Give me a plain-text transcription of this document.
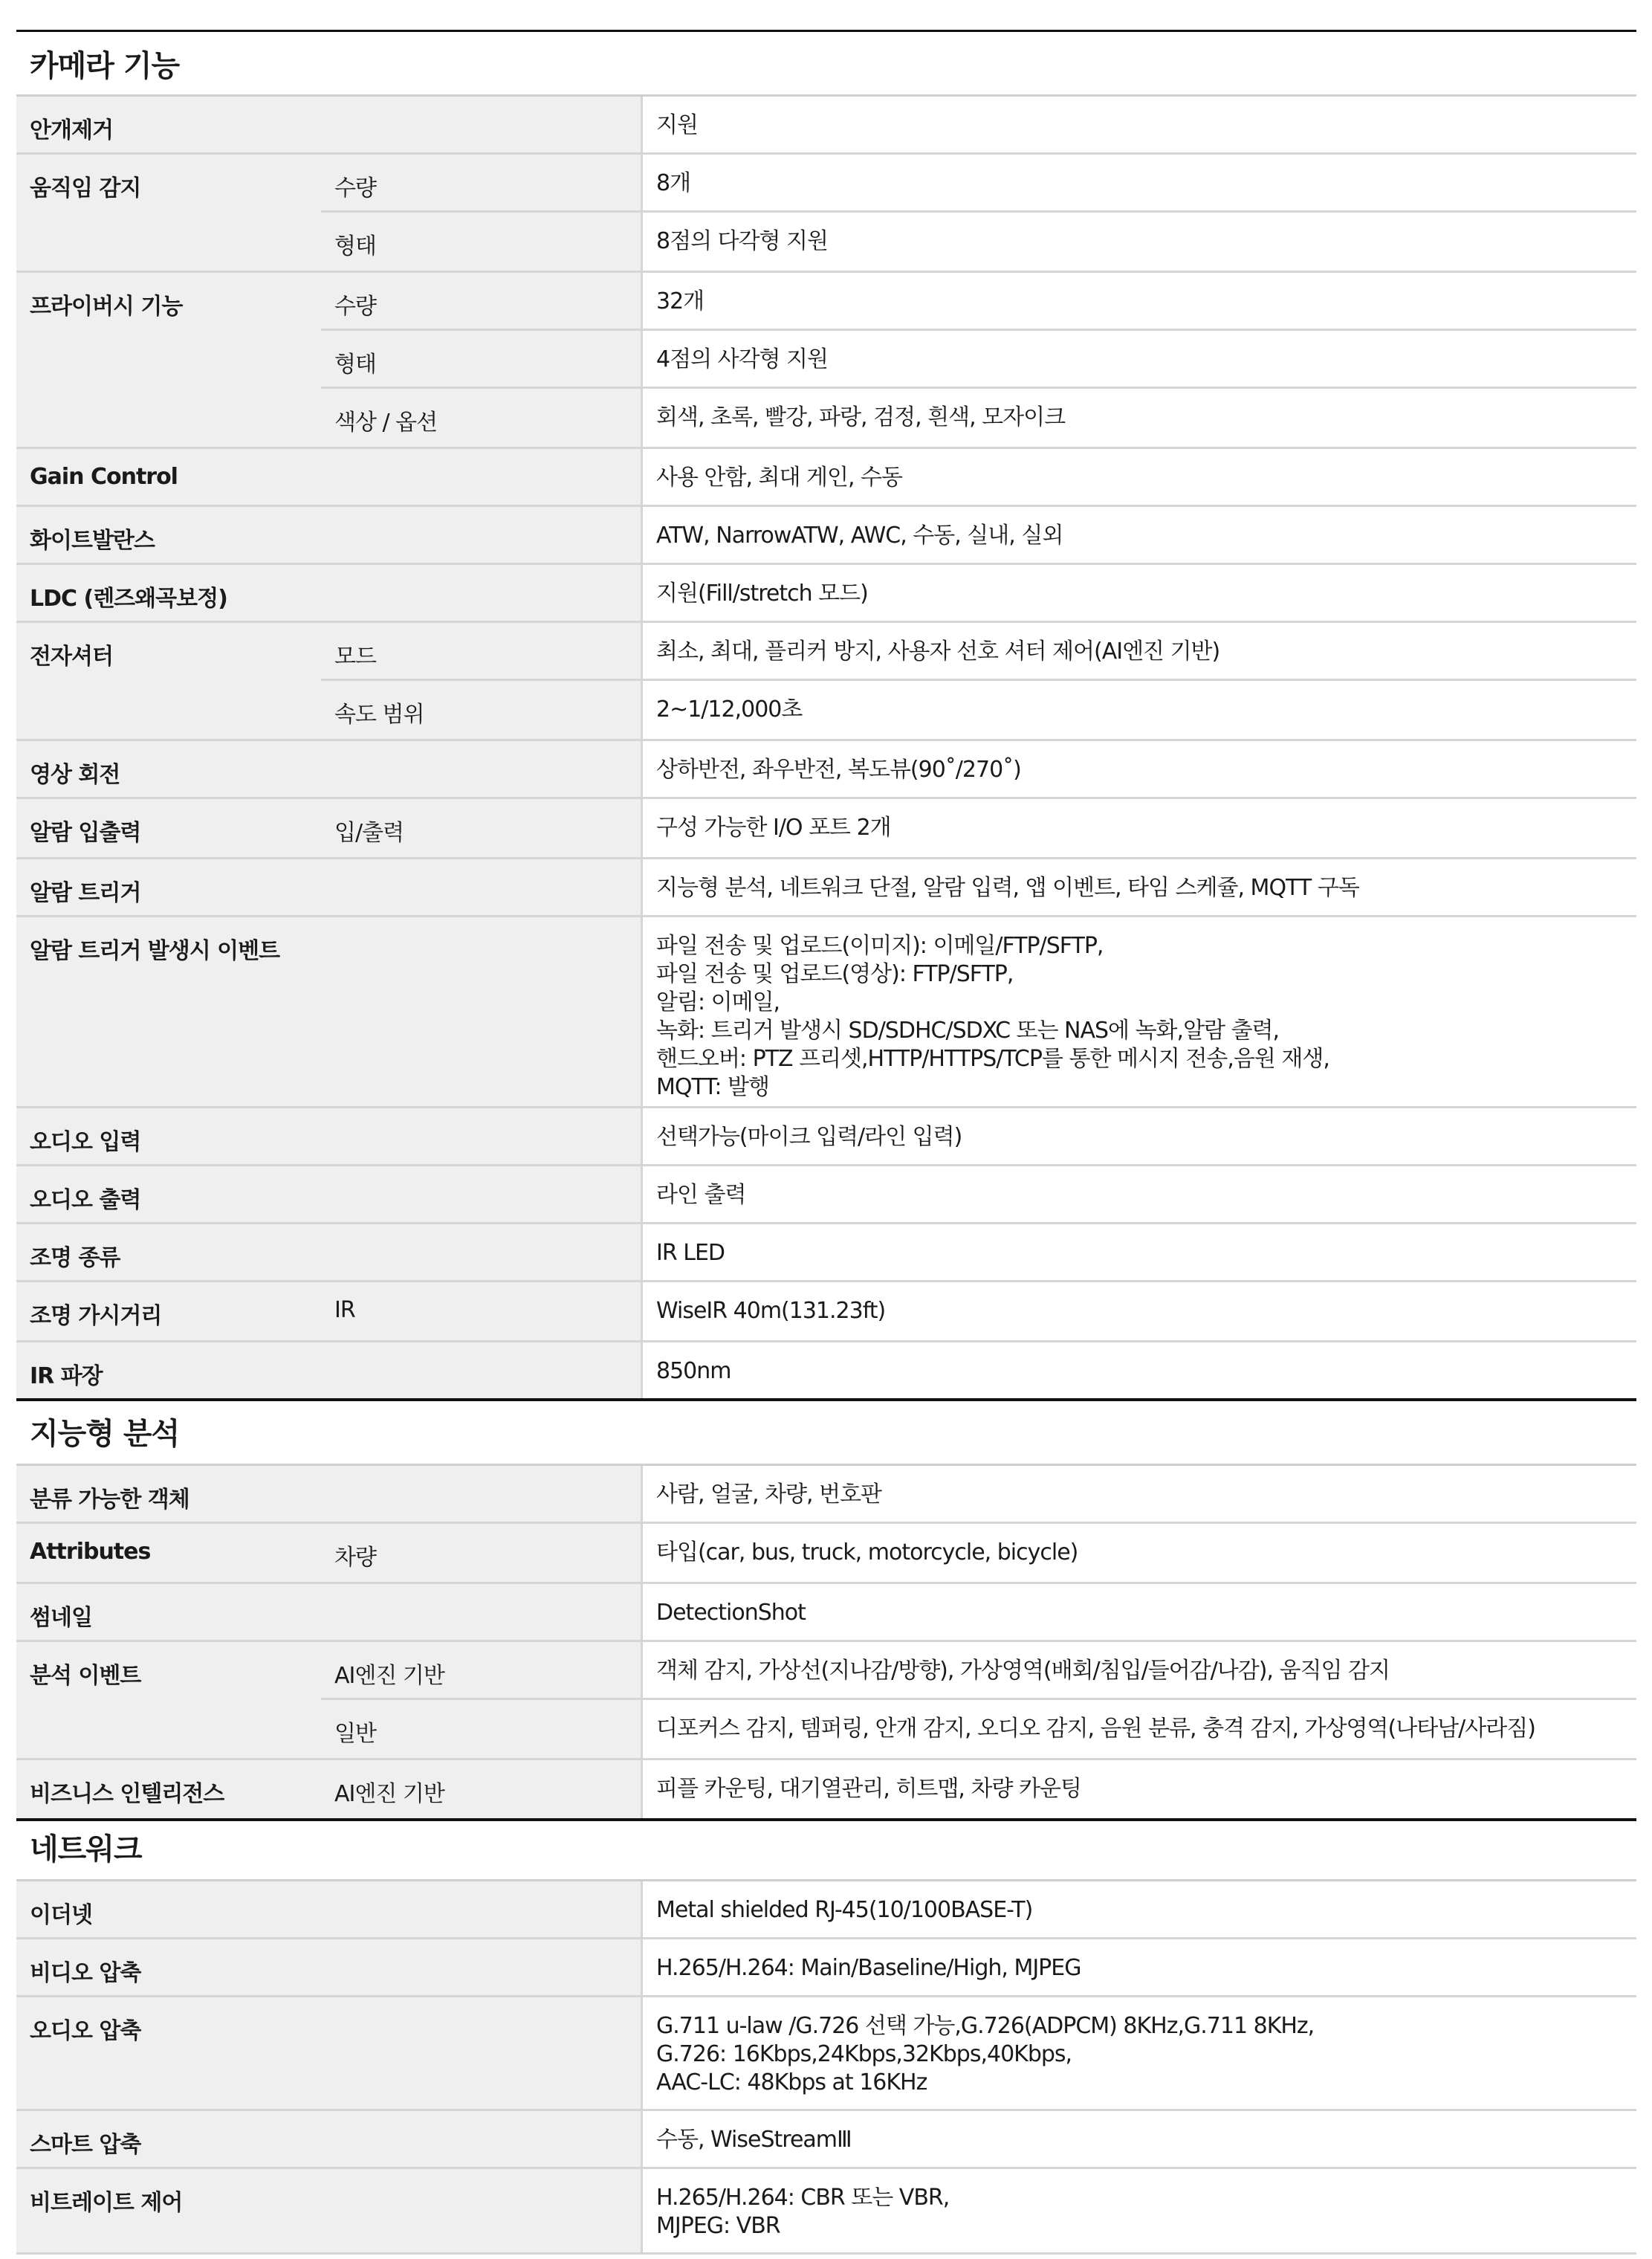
카메라 기능
안개제거	지원
움직임 감지	수량	8개
형태	8점의 다각형 지원
프라이버시 기능	수량	32개
형태	4점의 사각형 지원
색상 / 옵션	회색, 초록, 빨강, 파랑, 검정, 흰색, 모자이크
Gain Control	사용 안함, 최대 게인, 수동
화이트발란스	ATW, NarrowATW, AWC, 수동, 실내, 실외
LDC (렌즈왜곡보정)	지원(Fill/stretch 모드)
전자셔터	모드	최소, 최대, 플리커 방지, 사용자 선호 셔터 제어(AI엔진 기반)
속도 범위	2~1/12,000초
영상 회전	상하반전, 좌우반전, 복도뷰(90˚/270˚)
알람 입출력	입/출력	구성 가능한 I/O 포트 2개
알람 트리거	지능형 분석, 네트워크 단절, 알람 입력, 앱 이벤트, 타임 스케쥴, MQTT 구독
알람 트리거 발생시 이벤트	파일 전송 및 업로드(이미지): 이메일/FTP/SFTP,
파일 전송 및 업로드(영상): FTP/SFTP,
알림: 이메일,
녹화: 트리거 발생시 SD/SDHC/SDXC 또는 NAS에 녹화,알람 출력,
핸드오버: PTZ 프리셋,HTTP/HTTPS/TCP를 통한 메시지 전송,음원 재생,
MQTT: 발행
오디오 입력	선택가능(마이크 입력/라인 입력)
오디오 출력	라인 출력
조명 종류	IR LED
조명 가시거리	IR	WiseIR 40m(131.23ft)
IR 파장	850nm
지능형 분석
분류 가능한 객체	사람, 얼굴, 차량, 번호판
Attributes	차량	타입(car, bus, truck, motorcycle, bicycle)
썸네일	DetectionShot
분석 이벤트	AI엔진 기반	객체 감지, 가상선(지나감/방향), 가상영역(배회/침입/들어감/나감), 움직임 감지
일반	디포커스 감지, 템퍼링, 안개 감지, 오디오 감지, 음원 분류, 충격 감지, 가상영역(나타남/사라짐)
비즈니스 인텔리전스	AI엔진 기반	피플 카운팅, 대기열관리, 히트맵, 차량 카운팅
네트워크
이더넷	Metal shielded RJ-45(10/100BASE-T)
비디오 압축	H.265/H.264: Main/Baseline/High, MJPEG
오디오 압축	G.711 u-law /G.726 선택 가능,G.726(ADPCM) 8KHz,G.711 8KHz,
G.726: 16Kbps,24Kbps,32Kbps,40Kbps,
AAC-LC: 48Kbps at 16KHz
스마트 압축	수동, WiseStreamⅢ
비트레이트 제어	H.265/H.264: CBR 또는 VBR,
MJPEG: VBR
